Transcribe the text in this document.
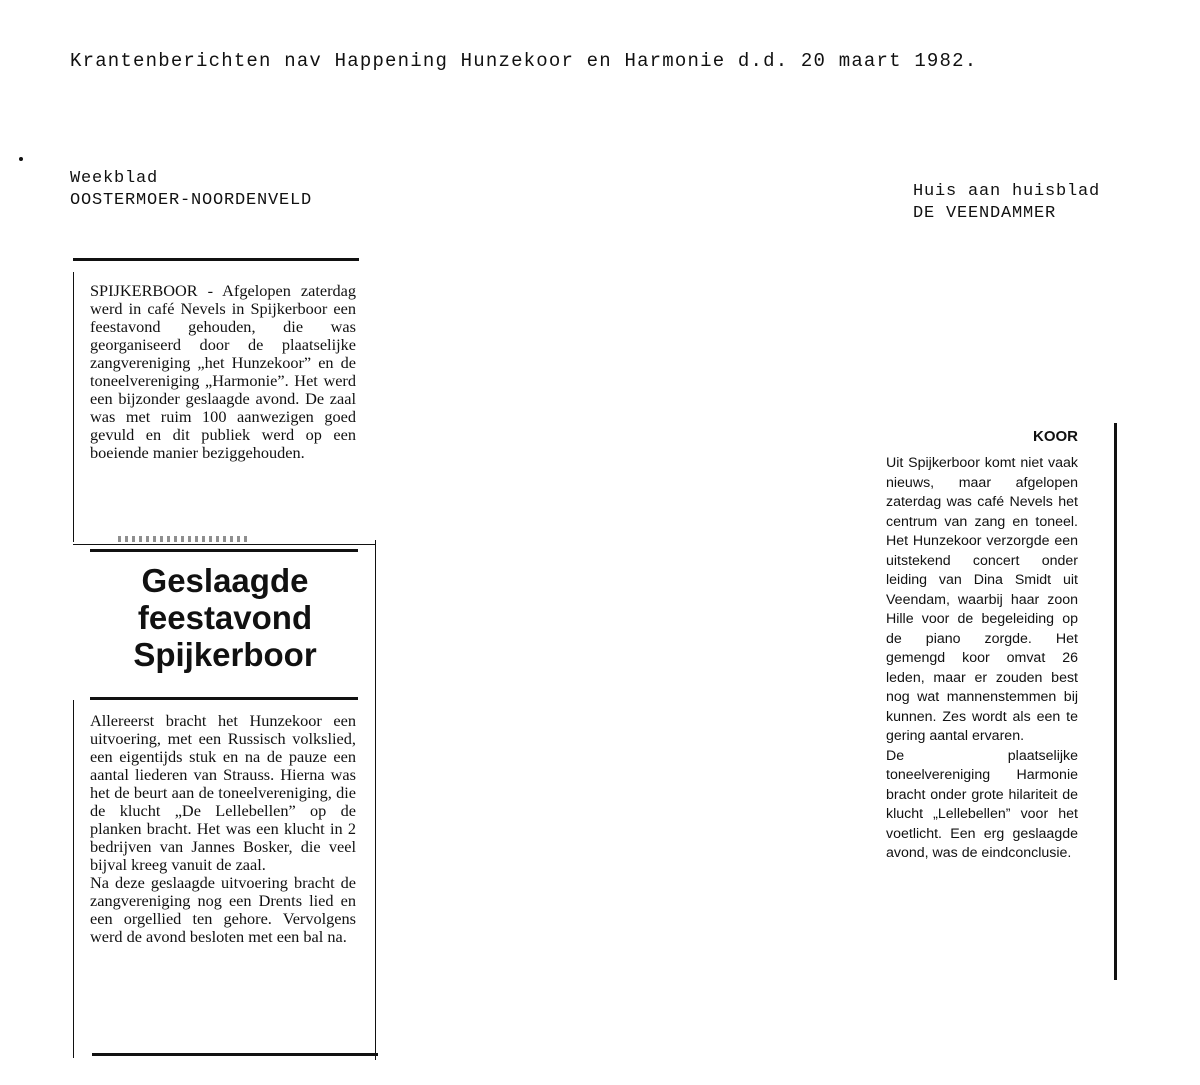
Krantenberichten nav Happening Hunzekoor en Harmonie d.d. 20 maart 1982.
Weekblad
OOSTERMOER-NOORDENVELD	Huis aan huisblad
DE VEENDAMMER

SPIJKERBOOR - Afgelopen zaterdag werd in café Nevels in Spijkerboor een feestavond gehouden, die was georganiseerd door de plaatselijke zangvereniging „het Hunzekoor” en de toneelvereniging „Harmonie”. Het werd een bijzonder geslaagde avond. De zaal was met ruim 100 aanwezigen goed gevuld en dit publiek werd op een boeiende manier beziggehouden.

Geslaagde
feestavond
Spijkerboor

Allereerst bracht het Hunzekoor een uitvoering, met een Russisch volkslied, een eigentijds stuk en na de pauze een aantal liederen van Strauss. Hierna was het de beurt aan de toneelvereniging, die de klucht „De Lellebellen” op de planken bracht. Het was een klucht in 2 bedrijven van Jannes Bosker, die veel bijval kreeg vanuit de zaal.

Na deze geslaagde uitvoering bracht de zangvereniging nog een Drents lied en een orgellied ten gehore. Vervolgens werd de avond besloten met een bal na.

KOOR

Uit Spijkerboor komt niet vaak nieuws, maar afgelopen zaterdag was café Nevels het centrum van zang en toneel. Het Hunzekoor verzorgde een uitstekend concert onder leiding van Dina Smidt uit Veendam, waarbij haar zoon Hille voor de begeleiding op de piano zorgde. Het gemengd koor omvat 26 leden, maar er zouden best nog wat mannenstemmen bij kunnen. Zes wordt als een te gering aantal ervaren.

De plaatselijke toneelvereniging Harmonie bracht onder grote hilariteit de klucht „Lellebellen” voor het voetlicht. Een erg geslaagde avond, was de eindconclusie.
